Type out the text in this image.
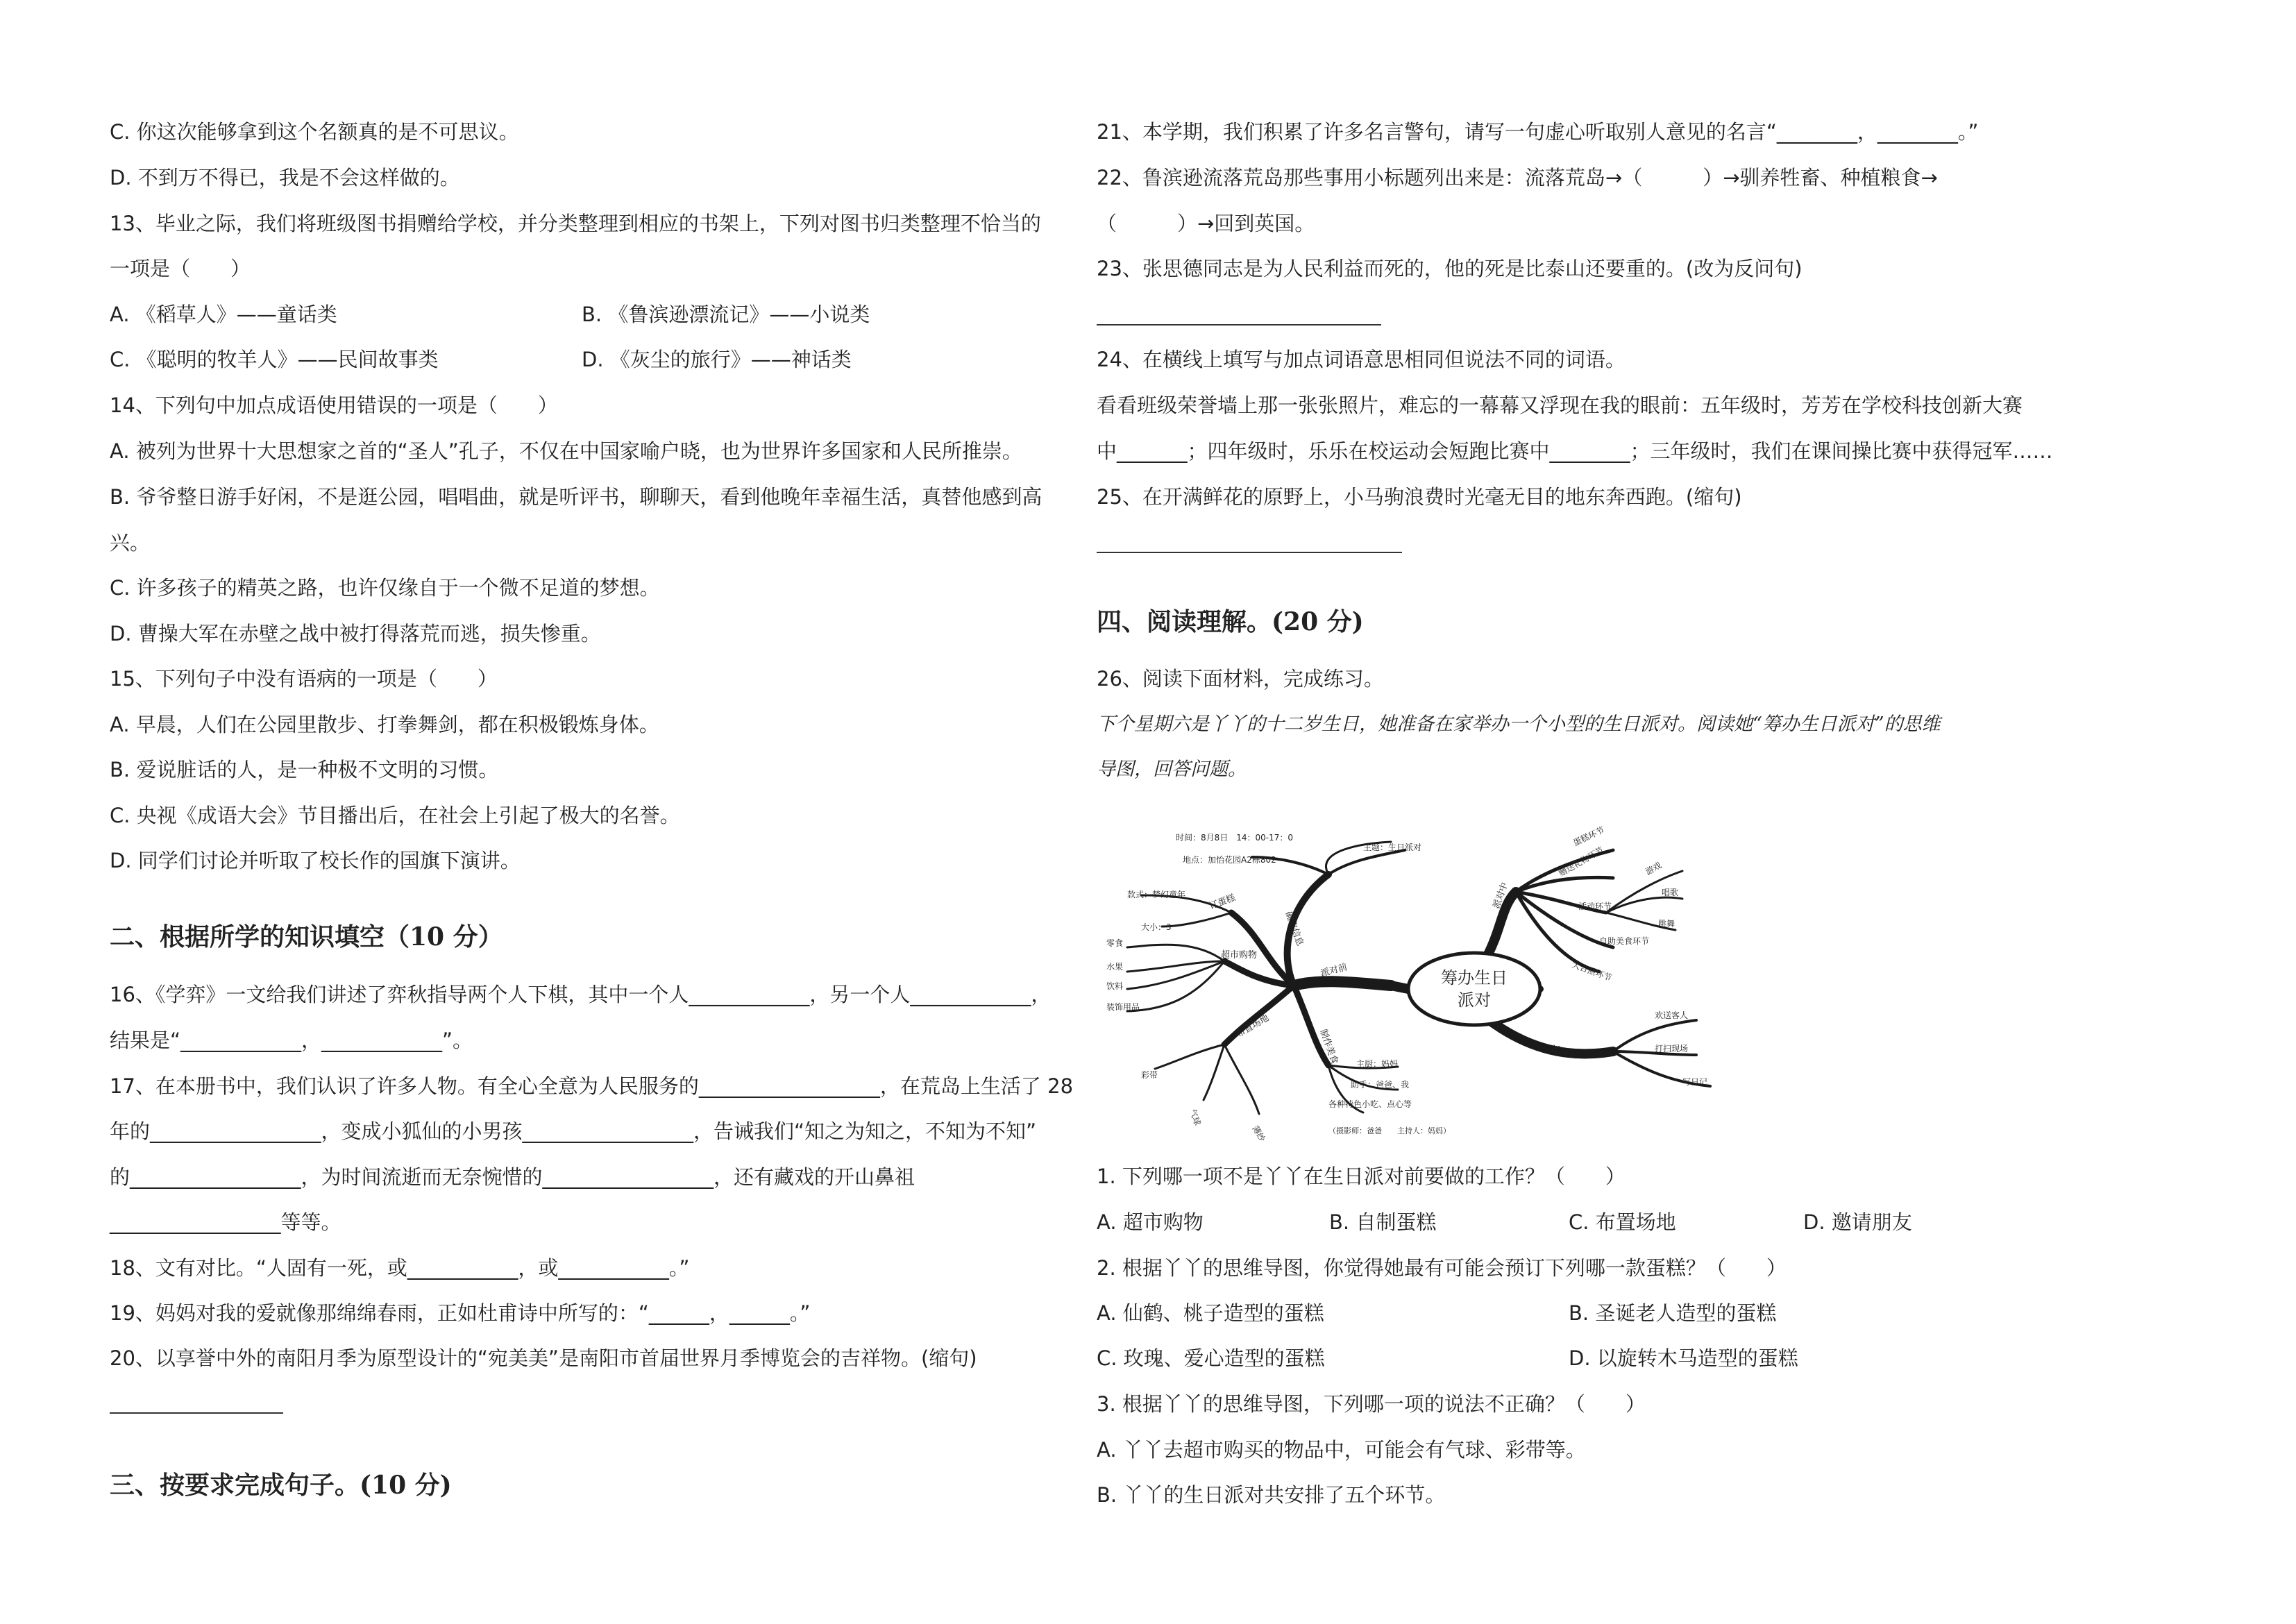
C. 你这次能够拿到这个名额真的是不可思议。
D. 不到万不得已，我是不会这样做的。
13、毕业之际，我们将班级图书捐赠给学校，并分类整理到相应的书架上，下列对图书归类整理不恰当的
一项是（　　）
A. 《稻草人》——童话类	B. 《鲁滨逊漂流记》——小说类
C. 《聪明的牧羊人》——民间故事类	D. 《灰尘的旅行》——神话类
14、下列句中加点成语使用错误的一项是（　　）
A. 被列为世界十大思想家之首的“圣人”孔子，不仅在中国家喻户晓，也为世界许多国家和人民所推崇。
B. 爷爷整日游手好闲，不是逛公园，唱唱曲，就是听评书，聊聊天，看到他晚年幸福生活，真替他感到高
兴。
C. 许多孩子的精英之路，也许仅缘自于一个微不足道的梦想。
D. 曹操大军在赤壁之战中被打得落荒而逃，损失惨重。
15、下列句子中没有语病的一项是（　　）
A. 早晨，人们在公园里散步、打拳舞剑，都在积极锻炼身体。
B. 爱说脏话的人，是一种极不文明的习惯。
C. 央视《成语大会》节目播出后，在社会上引起了极大的名誉。
D. 同学们讨论并听取了校长作的国旗下演讲。
二、根据所学的知识填空（10 分）
16、《学弈》一文给我们讲述了弈秋指导两个人下棋，其中一个人____________，另一个人____________，
结果是“____________，____________”。
17、在本册书中，我们认识了许多人物。有全心全意为人民服务的__________________，在荒岛上生活了 28
年的_________________，变成小狐仙的小男孩_________________，告诫我们“知之为知之，不知为不知”
的_________________，为时间流逝而无奈惋惜的_________________，还有藏戏的开山鼻祖
_________________等等。
18、文有对比。“人固有一死，或___________，或___________。”
19、妈妈对我的爱就像那绵绵春雨，正如杜甫诗中所写的：“______，______。”
20、以享誉中外的南阳月季为原型设计的“宛美美”是南阳市首届世界月季博览会的吉祥物。(缩句)
三、按要求完成句子。(10 分)
21、本学期，我们积累了许多名言警句，请写一句虚心听取别人意见的名言“________，________。”
22、鲁滨逊流落荒岛那些事用小标题列出来是：流落荒岛→（　　　）→驯养牲畜、种植粮食→
（　　　）→回到英国。
23、张思德同志是为人民利益而死的，他的死是比泰山还要重的。(改为反问句)
24、在横线上填写与加点词语意思相同但说法不同的词语。
看看班级荣誉墙上那一张张照片，难忘的一幕幕又浮现在我的眼前：五年级时，芳芳在学校科技创新大赛
中_______；四年级时，乐乐在校运动会短跑比赛中________；三年级时，我们在课间操比赛中获得冠军……
25、在开满鲜花的原野上，小马驹浪费时光毫无目的地东奔西跑。(缩句)
四、阅读理解。(20 分)
26、阅读下面材料，完成练习。
下个星期六是丫丫的十二岁生日，她准备在家举办一个小型的生日派对。阅读她“筹办生日派对”的思维
导图，回答问题。
1. 下列哪一项不是丫丫在生日派对前要做的工作？（　　）
A. 超市购物	B. 自制蛋糕	C. 布置场地	D. 邀请朋友
2. 根据丫丫的思维导图，你觉得她最有可能会预订下列哪一款蛋糕？（　　）
A. 仙鹤、桃子造型的蛋糕	B. 圣诞老人造型的蛋糕
C. 玫瑰、爱心造型的蛋糕	D. 以旋转木马造型的蛋糕
3. 根据丫丫的思维导图，下列哪一项的说法不正确？（　　）
A. 丫丫去超市购买的物品中，可能会有气球、彩带等。
B. 丫丫的生日派对共安排了五个环节。
筹办生日
派对
时间：8月8日　14：00-17：0
地点：加怡花园A2栋802
主题：生日派对
款式：梦幻童年
大小：3
订蛋糕
确定信息
派对前
零食
水果
饮料
装饰用品
超市购物
布置场地
彩带
气球
薄纱
制作美食 主厨：妈妈
助手：爸爸、我
各种特色小吃、点心等
（摄影师：爸爸　　主持人：妈妈）
派对中
蛋糕环节
赠送礼物环节	游戏
活动环节
唱歌
跳舞
自助美食环节
大合照环节
派对后
欢送客人
打扫现场
写日记
